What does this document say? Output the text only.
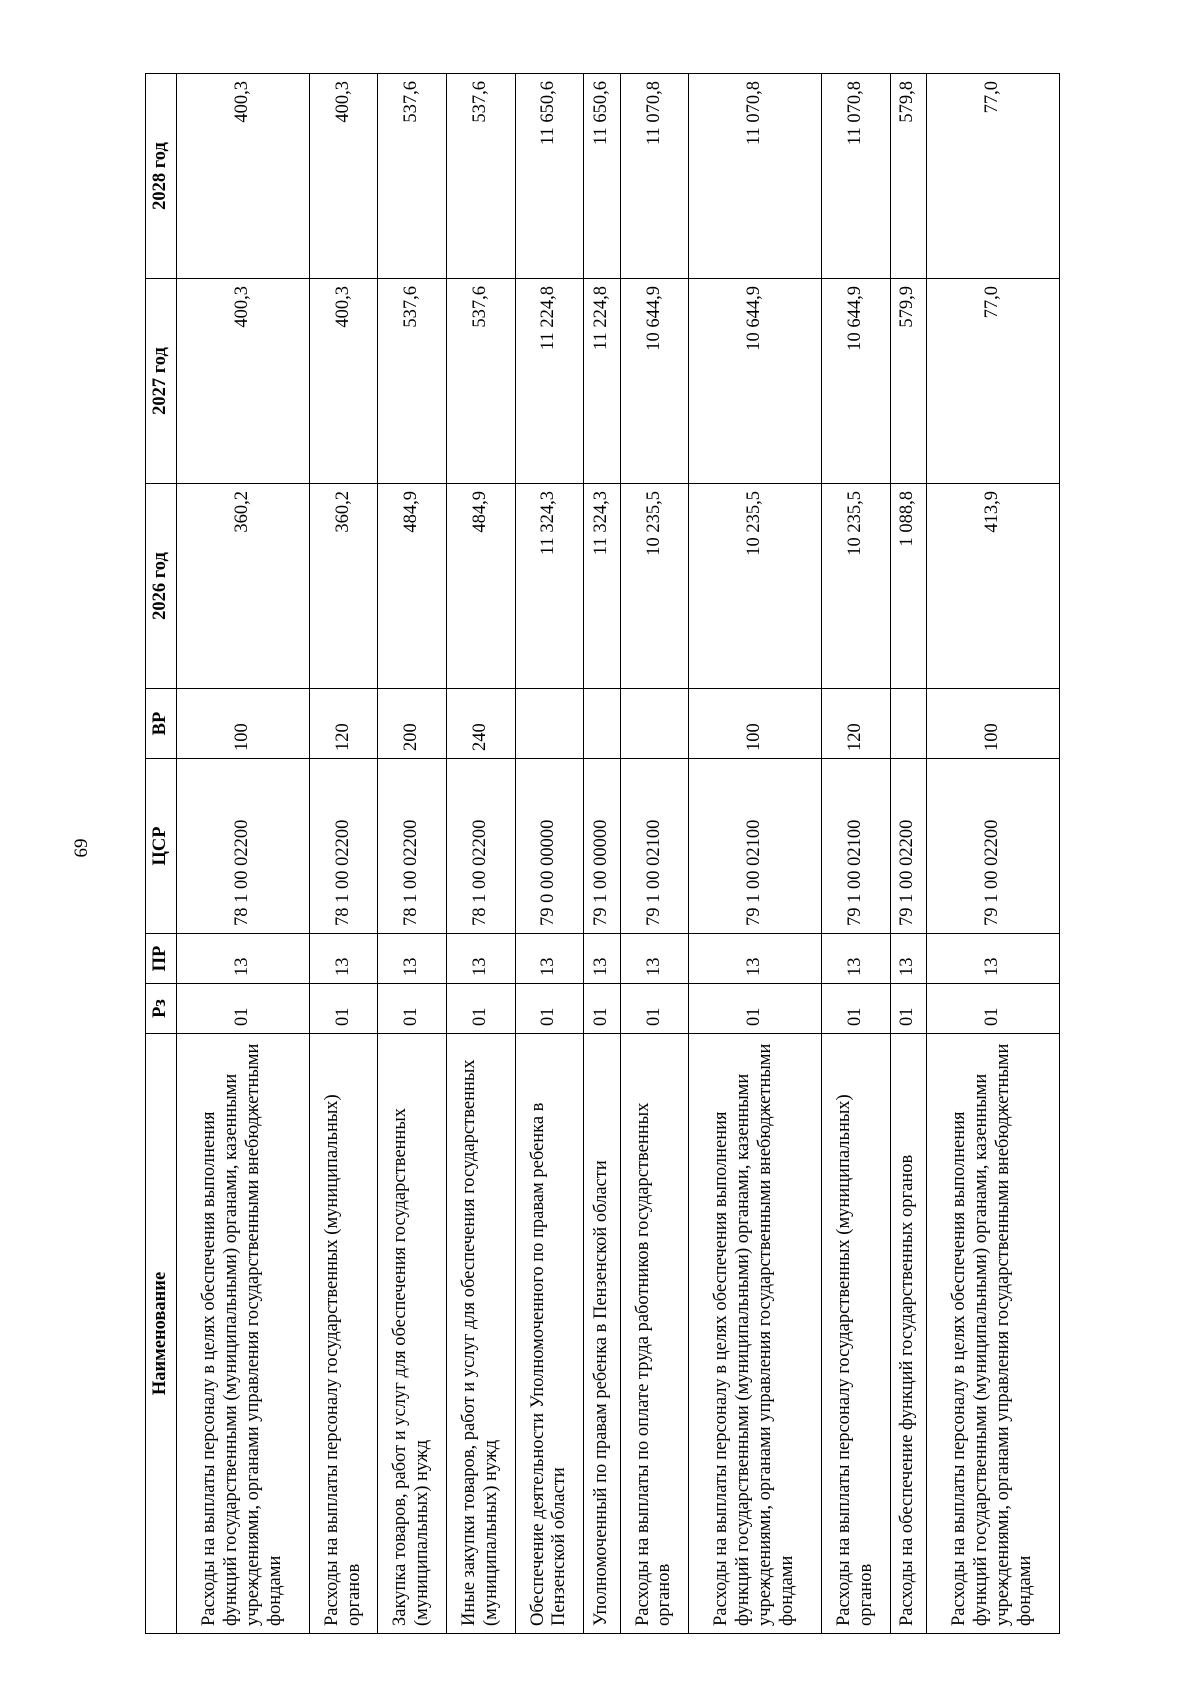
69
Наименование	Рз	ПР	ЦСР	ВР	2026 год	2027 год	2028 год
Расходы на выплаты персоналу в целях обеспечения выполнения функций государственными (муниципальными) органами, казенными учреждениями, органами управления государственными внебюджетными фондами	01	13	78 1 00 02200	100	360,2	400,3	400,3
Расходы на выплаты персоналу государственных (муниципальных) органов	01	13	78 1 00 02200	120	360,2	400,3	400,3
Закупка товаров, работ и услуг для обеспечения государственных (муниципальных) нужд	01	13	78 1 00 02200	200	484,9	537,6	537,6
Иные закупки товаров, работ и услуг для обеспечения государственных (муниципальных) нужд	01	13	78 1 00 02200	240	484,9	537,6	537,6
Обеспечение деятельности Уполномоченного по правам ребенка в Пензенской области	01	13	79 0 00 00000		11 324,3	11 224,8	11 650,6
Уполномоченный по правам ребенка в Пензенской области	01	13	79 1 00 00000		11 324,3	11 224,8	11 650,6
Расходы на выплаты по оплате труда работников государственных органов	01	13	79 1 00 02100		10 235,5	10 644,9	11 070,8
Расходы на выплаты персоналу в целях обеспечения выполнения функций государственными (муниципальными) органами, казенными учреждениями, органами управления государственными внебюджетными фондами	01	13	79 1 00 02100	100	10 235,5	10 644,9	11 070,8
Расходы на выплаты персоналу государственных (муниципальных) органов	01	13	79 1 00 02100	120	10 235,5	10 644,9	11 070,8
Расходы на обеспечение функций государственных органов	01	13	79 1 00 02200		1 088,8	579,9	579,8
Расходы на выплаты персоналу в целях обеспечения выполнения функций государственными (муниципальными) органами, казенными учреждениями, органами управления государственными внебюджетными фондами	01	13	79 1 00 02200	100	413,9	77,0	77,0
